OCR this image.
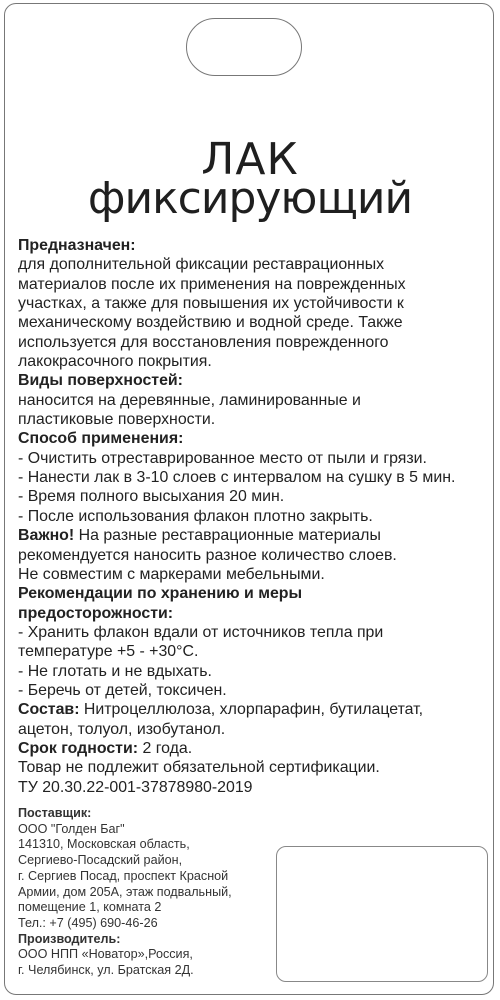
ЛАК
фиксирующий

Предназначен:

для дополнительной фиксации реставрационных

материалов после их применения на поврежденных

участках, а также для повышения их устойчивости к

механическому воздействию и водной среде. Также

используется для восстановления поврежденного

лакокрасочного покрытия.

Виды поверхностей:

наносится на деревянные, ламинированные и

пластиковые поверхности.

Способ применения:

- Очистить отреставрированное место от пыли и грязи.

- Нанести лак в 3-10 слоев с интервалом на сушку в 5 мин.

- Время полного высыхания 20 мин.

- После использования флакон плотно закрыть.

Важно! На разные реставрационные материалы

рекомендуется наносить разное количество слоев.

Не совместим с маркерами мебельными.

Рекомендации по хранению и меры

предосторожности:

- Хранить флакон вдали от источников тепла при

температуре +5 - +30°С.

- Не глотать и не вдыхать.

- Беречь от детей, токсичен.

Состав: Нитроцеллюлоза, хлорпарафин, бутилацетат,

ацетон, толуол, изобутанол.

Срок годности: 2 года.

Товар не подлежит обязательной сертификации.

ТУ 20.30.22-001-37878980-2019

Поставщик:

ООО "Голден Баг"

141310, Московская область,

Сергиево-Посадский район,

г. Сергиев Посад, проспект Красной

Армии, дом 205А, этаж подвальный,

помещение 1, комната 2

Тел.: +7 (495) 690-46-26

Производитель:

ООО НПП «Новатор»,Россия,

г. Челябинск, ул. Братская 2Д.
